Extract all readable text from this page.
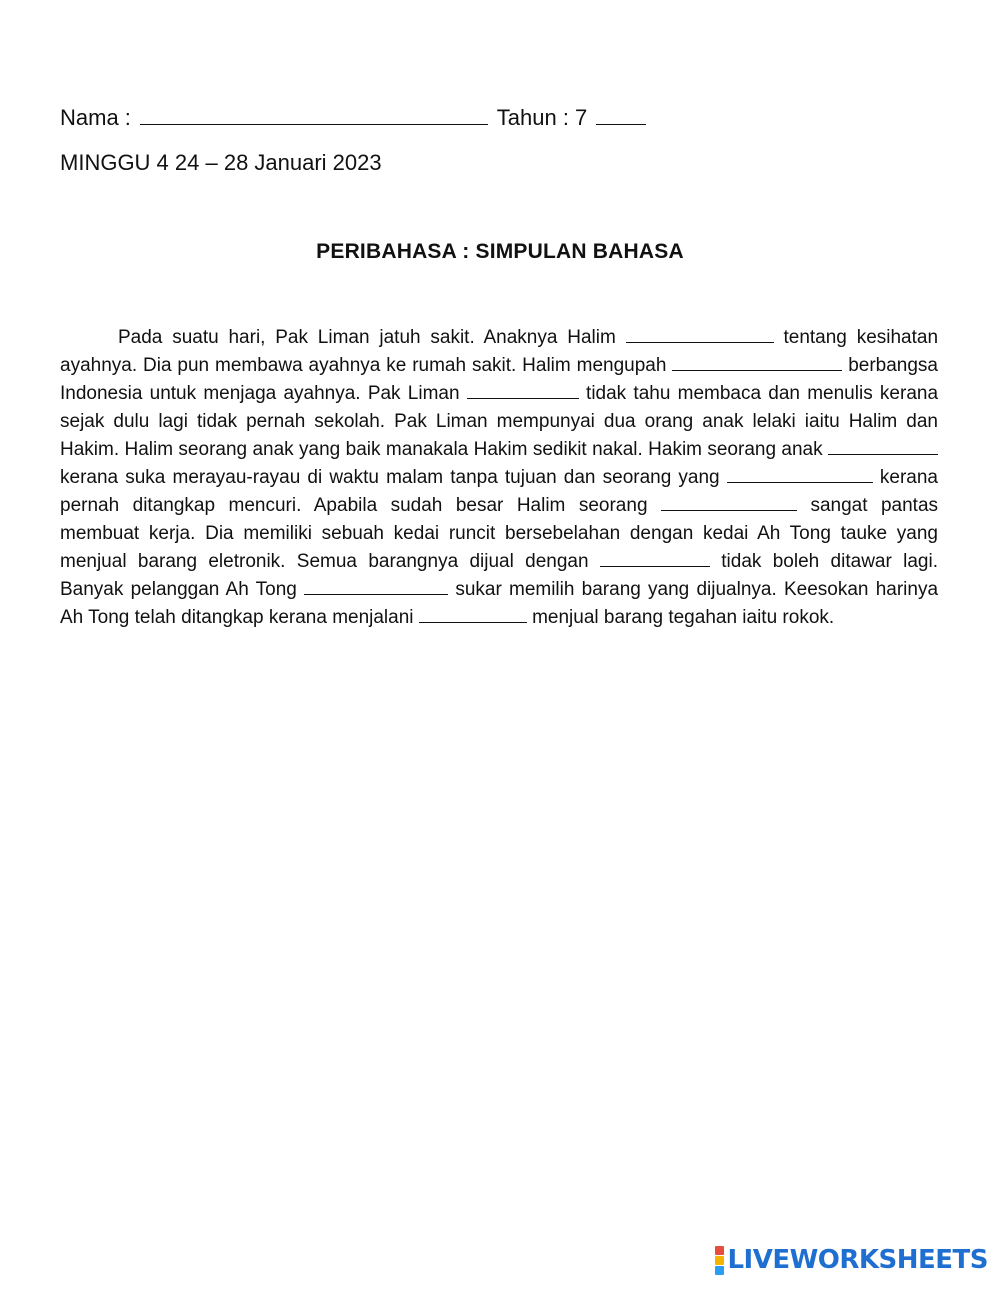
Nama :	Tahun : 7
MINGGU 4 24 – 28 Januari 2023
PERIBAHASA : SIMPULAN BAHASA
Pada suatu hari, Pak Liman jatuh sakit. Anaknya Halim	tentang kesihatan ayahnya. Dia pun membawa ayahnya ke rumah sakit. Halim mengupah	berbangsa Indonesia untuk menjaga ayahnya. Pak Liman	tidak tahu membaca dan menulis kerana sejak dulu lagi tidak pernah sekolah. Pak Liman mempunyai dua orang anak lelaki iaitu Halim dan Hakim. Halim seorang anak yang baik manakala Hakim sedikit nakal. Hakim seorang anak  kerana suka merayau-rayau di waktu malam tanpa tujuan dan seorang yang	kerana pernah ditangkap mencuri. Apabila sudah besar Halim seorang	sangat pantas membuat kerja. Dia memiliki sebuah kedai runcit bersebelahan dengan kedai Ah Tong tauke yang menjual barang eletronik. Semua barangnya dijual dengan	tidak boleh ditawar lagi. Banyak pelanggan Ah Tong	sukar memilih barang yang dijualnya. Keesokan harinya Ah Tong telah ditangkap kerana menjalani	menjual barang tegahan iaitu rokok.
LIVEWORKSHEETS
